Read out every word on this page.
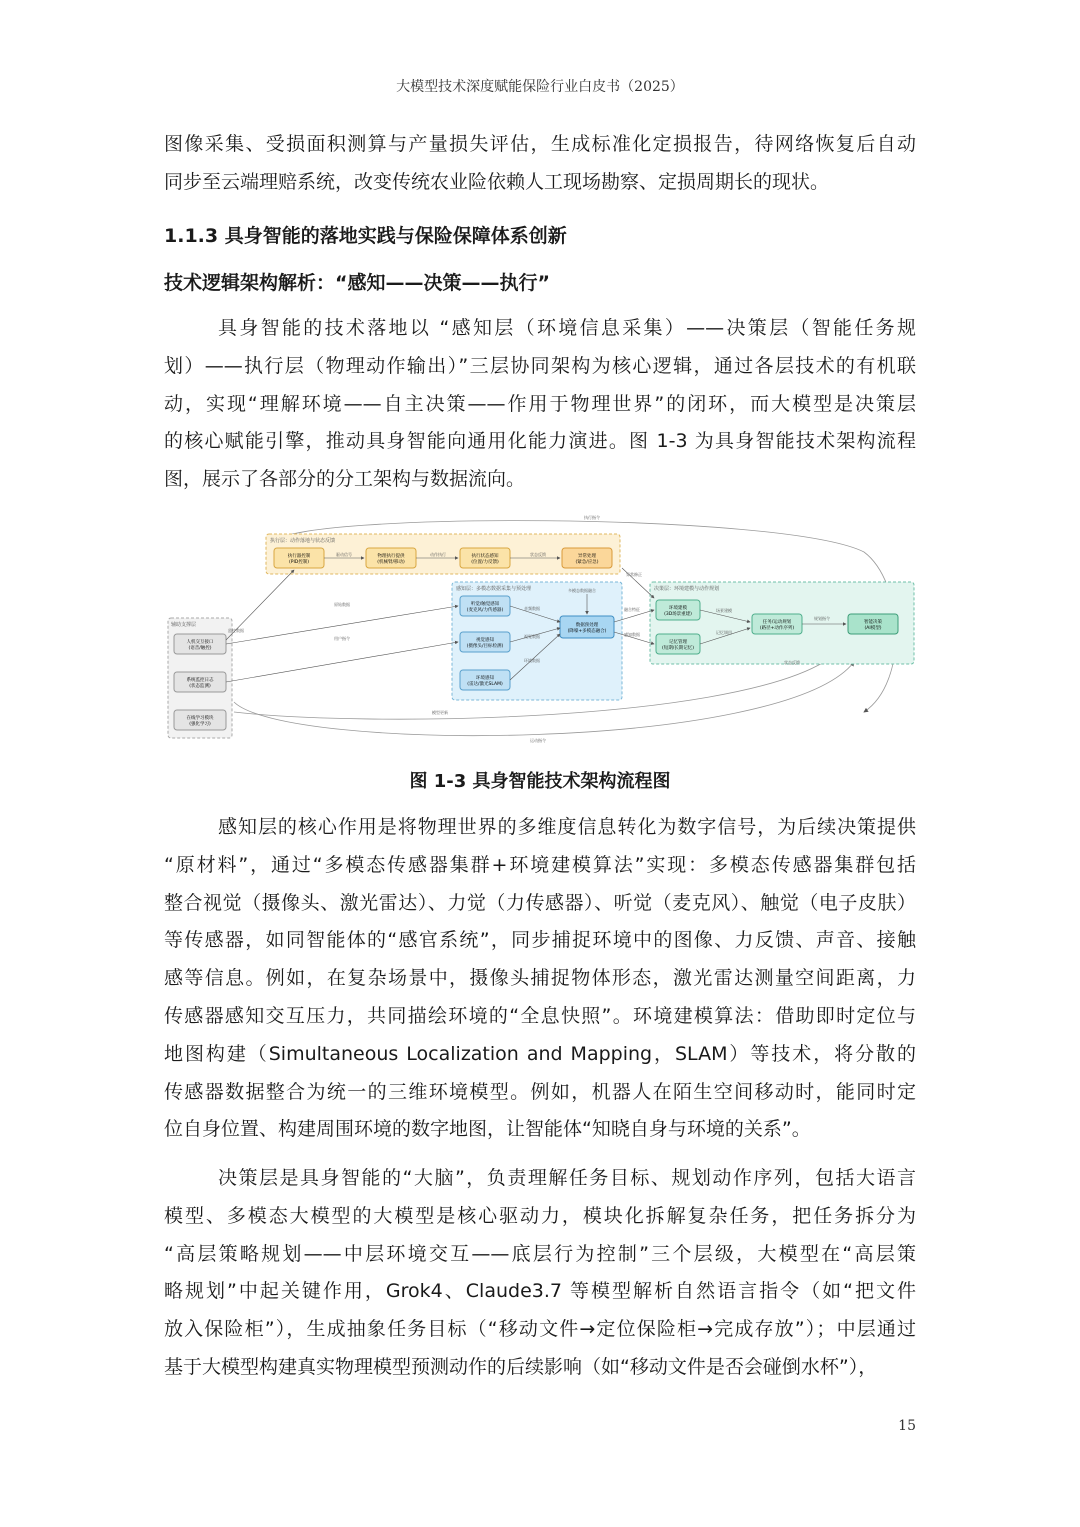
大模型技术深度赋能保险行业白皮书（2025）

图像采集、受损面积测算与产量损失评估，生成标准化定损报告，待网络恢复后自动
同步至云端理赔系统，改变传统农业险依赖人工现场勘察、定损周期长的现状。

1.1.3 具身智能的落地实践与保险保障体系创新
技术逻辑架构解析：“感知——决策——执行”

具身智能的技术落地以 “感知层（环境信息采集）——决策层（智能任务规
划）——执行层（物理动作输出）”三层协同架构为核心逻辑，通过各层技术的有机联
动，实现“理解环境——自主决策——作用于物理世界”的闭环，而大模型是决策层
的核心赋能引擎，推动具身智能向通用化能力演进。图 1-3 为具身智能技术架构流程
图，展示了各部分的分工架构与数据流向。

执行层：动作落地与状态反馈
感知层：多模态数据采集与预处理	决策层：环境建模与动作规划
辅助支撑层
执行器控制
(PID控制)
物理执行提供
(机械臂/移动)
执行状态感知
(位置/力反馈)
异常处理
(紧急/应急)
听觉/触觉感知
(麦克风/力传感器)
视觉感知
(摄像头/目标检测)
环境感知
(雷达/激光SLAM)
数据预处理
(降噪+多模态融合)
环境建模
(3D场景重建)
记忆管理
(短期/长期记忆)
任务/运动规划
(路径+动作序列)
智能决策
(AI模型)
人机交互接口
(语音/触控)
系统监控日志
(状态监测)
在线学习模块
(强化学习)
执行指令
驱动信号	动作执行	状态反馈
异常修正
音频数据
视觉数据
环境数据
多模态数据融合
融合特征
感知数据
场景建模
记忆调用
规划指令
原始数据
用户指令
监控数据
模型更新
运动指令
状态反馈
图 1-3 具身智能技术架构流程图

感知层的核心作用是将物理世界的多维度信息转化为数字信号，为后续决策提供
“原材料”，通过“多模态传感器集群+环境建模算法”实现：多模态传感器集群包括
整合视觉（摄像头、激光雷达）、力觉（力传感器）、听觉（麦克风）、触觉（电子皮肤）
等传感器，如同智能体的“感官系统”，同步捕捉环境中的图像、力反馈、声音、接触
感等信息。例如，在复杂场景中，摄像头捕捉物体形态，激光雷达测量空间距离，力
传感器感知交互压力，共同描绘环境的“全息快照”。环境建模算法：借助即时定位与
地图构建（Simultaneous Localization and Mapping，SLAM）等技术，将分散的
传感器数据整合为统一的三维环境模型。例如，机器人在陌生空间移动时，能同时定
位自身位置、构建周围环境的数字地图，让智能体“知晓自身与环境的关系”。

决策层是具身智能的“大脑”，负责理解任务目标、规划动作序列，包括大语言
模型、多模态大模型的大模型是核心驱动力，模块化拆解复杂任务，把任务拆分为
“高层策略规划——中层环境交互——底层行为控制”三个层级，大模型在“高层策
略规划”中起关键作用，Grok4、Claude3.7 等模型解析自然语言指令（如“把文件
放入保险柜”），生成抽象任务目标（“移动文件→定位保险柜→完成存放”）；中层通过
基于大模型构建真实物理模型预测动作的后续影响（如“移动文件是否会碰倒水杯”），

15
